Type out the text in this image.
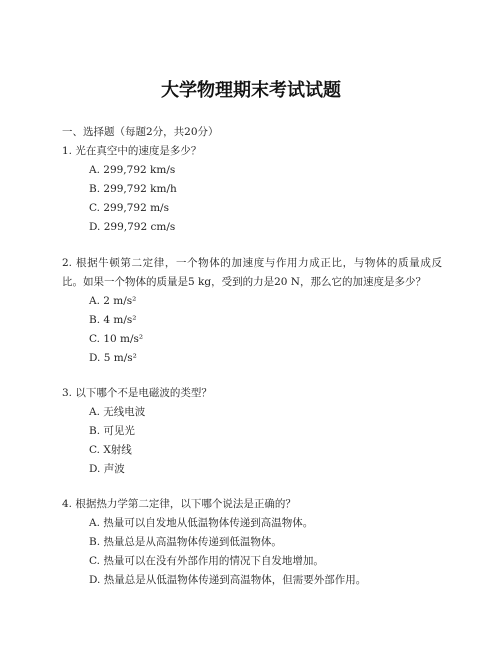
大学物理期末考试试题

一、选择题（每题2分，共20分）

1. 光在真空中的速度是多少？

A. 299,792 km/s
B. 299,792 km/h
C. 299,792 m/s
D. 299,792 cm/s

2. 根据牛顿第二定律，一个物体的加速度与作用力成正比，与物体的质量成反比。如果一个物体的质量是5 kg，受到的力是20 N，那么它的加速度是多少？

A. 2 m/s²
B. 4 m/s²
C. 10 m/s²
D. 5 m/s²

3. 以下哪个不是电磁波的类型？

A. 无线电波
B. 可见光
C. X射线
D. 声波

4. 根据热力学第二定律，以下哪个说法是正确的？

A. 热量可以自发地从低温物体传递到高温物体。
B. 热量总是从高温物体传递到低温物体。
C. 热量可以在没有外部作用的情况下自发地增加。
D. 热量总是从低温物体传递到高温物体，但需要外部作用。
